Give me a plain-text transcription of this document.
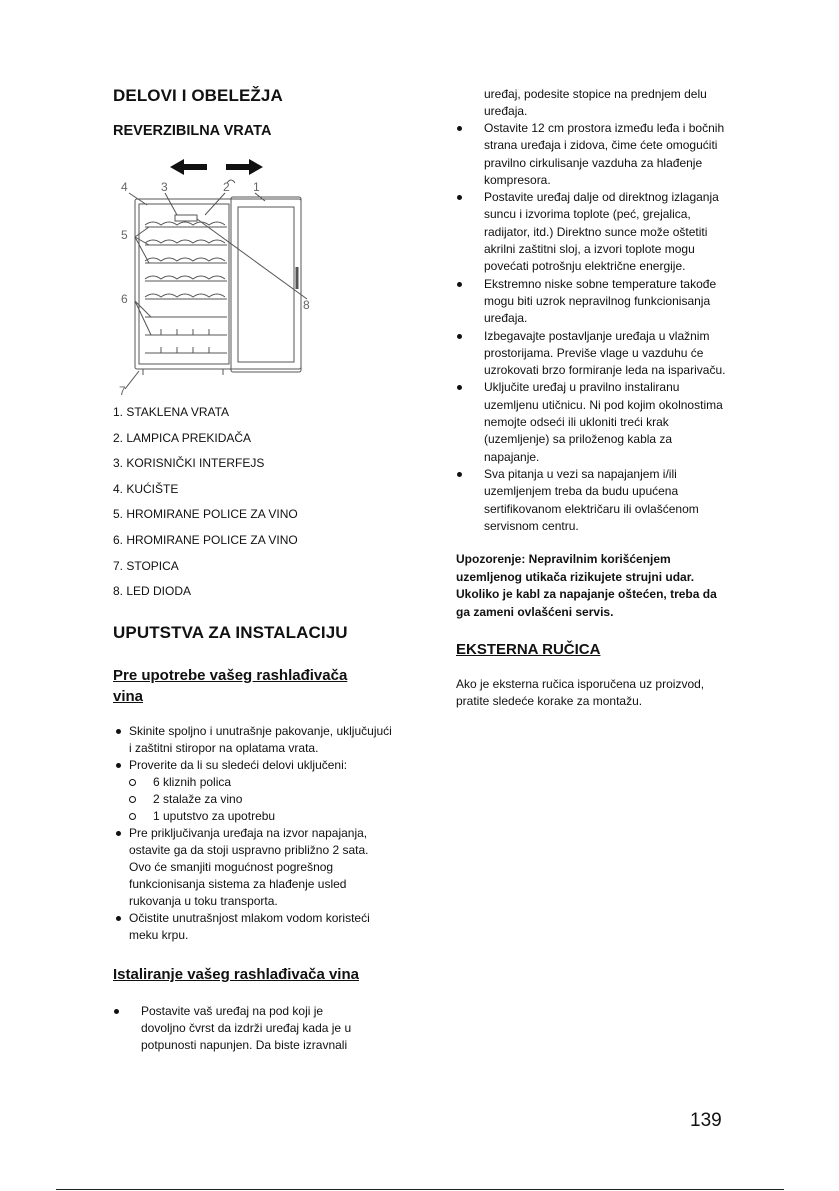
DELOVI I OBELEŽJA
REVERZIBILNA VRATA
4	3	2 1
5
6	8
7
1. STAKLENA VRATA
2. LAMPICA PREKIDAČA
3. KORISNIČKI INTERFEJS
4. KUĆIŠTE
5. HROMIRANE POLICE ZA VINO
6. HROMIRANE POLICE ZA VINO
7. STOPICA
8. LED DIODA
UPUTSTVA ZA INSTALACIJU
Pre upotrebe vašeg rashlađivača vina
Skinite spoljno i unutrašnje pakovanje, uključujući i zaštitni stiropor na oplatama vrata.
Proverite da li su sledeći delovi uključeni:
6 kliznih polica
2 stalaže za vino
1 uputstvo za upotrebu
Pre priključivanja uređaja na izvor napajanja, ostavite ga da stoji uspravno približno 2 sata. Ovo će smanjiti mogućnost pogrešnog funkcionisanja sistema za hlađenje usled rukovanja u toku transporta.
Očistite unutrašnjost mlakom vodom koristeći meku krpu.
Istaliranje vašeg rashlađivača vina
Postavite vaš uređaj na pod koji je dovoljno čvrst da izdrži uređaj kada je u potpunosti napunjen. Da biste izravnali
uređaj, podesite stopice na prednjem delu uređaja.
Ostavite 12 cm prostora između leđa i bočnih strana uređaja i zidova, čime ćete omogućiti pravilno cirkulisanje vazduha za hlađenje kompresora.
Postavite uređaj dalje od direktnog izlaganja suncu i izvorima toplote (peć, grejalica, radijator, itd.) Direktno sunce može oštetiti akrilni zaštitni sloj, a izvori toplote mogu povećati potrošnju električne energije.
Ekstremno niske sobne temperature takođe mogu biti uzrok nepravilnog funkcionisanja uređaja.
Izbegavajte postavljanje uređaja u vlažnim prostorijama. Previše vlage u vazduhu će uzrokovati brzo formiranje leda na isparivaču.
Uključite uređaj u pravilno instaliranu uzemljenu utičnicu. Ni pod kojim okolnostima nemojte odseći ili ukloniti treći krak (uzemljenje) sa priloženog kabla za napajanje.
Sva pitanja u vezi sa napajanjem i/ili uzemljenjem treba da budu upućena sertifikovanom električaru ili ovlašćenom servisnom centru.
Upozorenje: Nepravilnim korišćenjem uzemljenog utikača rizikujete strujni udar. Ukoliko je kabl za napajanje oštećen, treba da ga zameni ovlašćeni servis.
EKSTERNA RUČICA
Ako je eksterna ručica isporučena uz proizvod, pratite sledeće korake za montažu.
139
